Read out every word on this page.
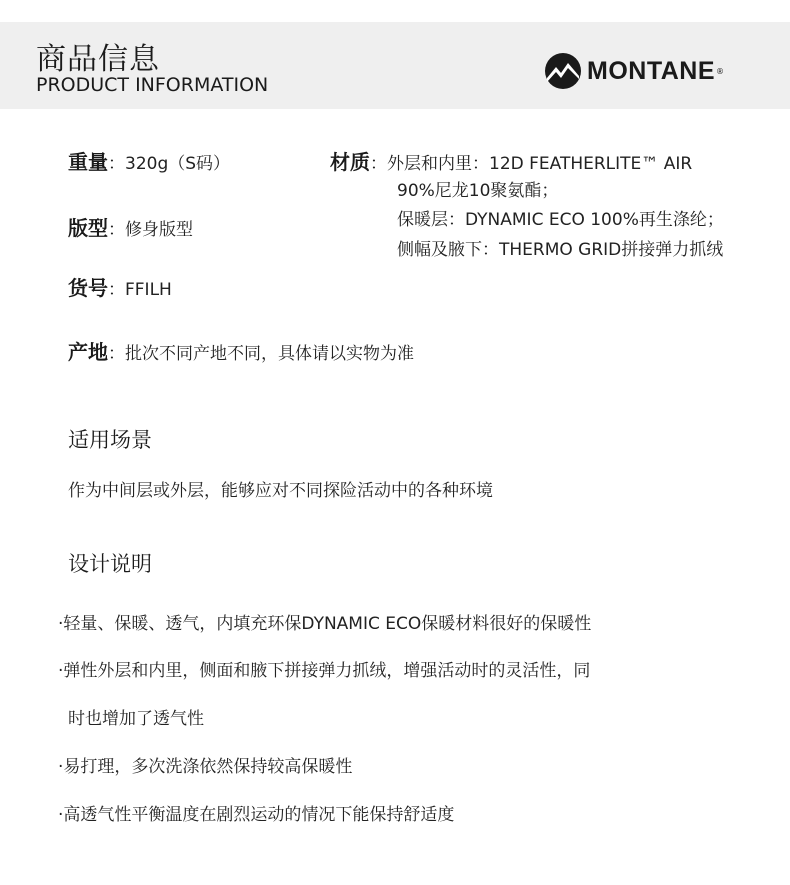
商品信息
PRODUCT INFORMATION
MONTANE ®
重量：320g（S码）
版型：修身版型
货号：FFILH
产地：批次不同产地不同，具体请以实物为准
材质：外层和内里：12D FEATHERLITE™ AIR
90%尼龙10聚氨酯；
保暖层：DYNAMIC ECO 100%再生涤纶；
侧幅及腋下：THERMO GRID拼接弹力抓绒
适用场景
作为中间层或外层，能够应对不同探险活动中的各种环境
设计说明
·轻量、保暖、透气，内填充环保DYNAMIC ECO保暖材料很好的保暖性
·弹性外层和内里，侧面和腋下拼接弹力抓绒，增强活动时的灵活性，同
时也增加了透气性
·易打理，多次洗涤依然保持较高保暖性
·高透气性平衡温度在剧烈运动的情况下能保持舒适度
